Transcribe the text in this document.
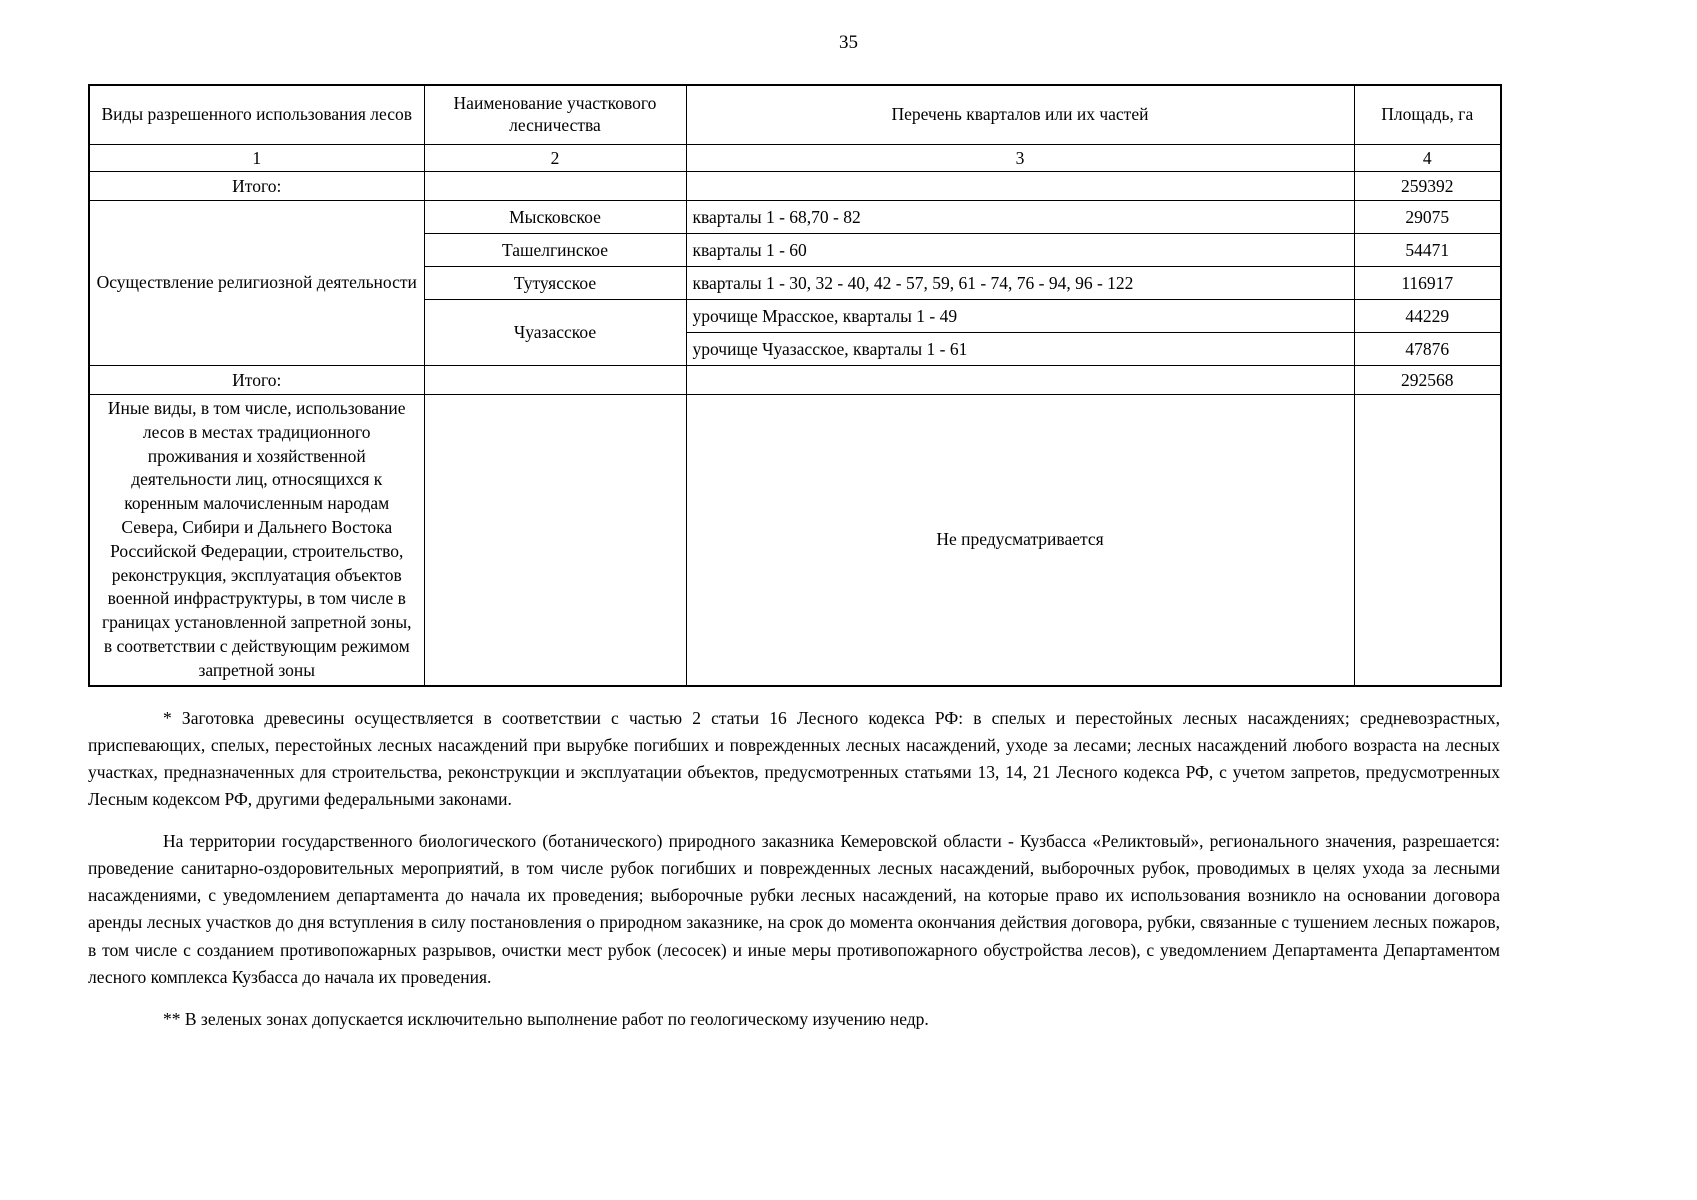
35
Виды разрешенного использования лесов	Наименование участкового лесничества	Перечень кварталов или их частей	Площадь, га
1	2	3	4
Итого:			259392
Осуществление религиозной деятельности	Мысковское	кварталы 1 - 68,70 - 82	29075
	Ташелгинское	кварталы 1 - 60	54471
	Тутуясское	кварталы 1 - 30, 32 - 40, 42 - 57, 59, 61 - 74, 76 - 94, 96 - 122	116917
	Чуазасское	урочище Мрасское, кварталы 1 - 49	44229
		урочище Чуазасское, кварталы 1 - 61	47876
Итого:			292568
Иные виды, в том числе, использование лесов в местах традиционного проживания и хозяйственной деятельности лиц, относящихся к коренным малочисленным народам Севера, Сибири и Дальнего Востока Российской Федерации, строительство, реконструкция, эксплуатация объектов военной инфраструктуры, в том числе в границах установленной запретной зоны, в соответствии с действующим режимом запретной зоны		Не предусматривается	

* Заготовка древесины осуществляется в соответствии с частью 2 статьи 16 Лесного кодекса РФ: в спелых и перестойных лесных насаждениях; средневозрастных, приспевающих, спелых, перестойных лесных насаждений при вырубке погибших и поврежденных лесных насаждений, уходе за лесами; лесных насаждений любого возраста на лесных участках, предназначенных для строительства, реконструкции и эксплуатации объектов, предусмотренных статьями 13, 14, 21 Лесного кодекса РФ, с учетом запретов, предусмотренных Лесным кодексом РФ, другими федеральными законами.

На территории государственного биологического (ботанического) природного заказника Кемеровской области - Кузбасса «Реликтовый», регионального значения, разрешается: проведение санитарно-оздоровительных мероприятий, в том числе рубок погибших и поврежденных лесных насаждений, выборочных рубок, проводимых в целях ухода за лесными насаждениями, с уведомлением департамента до начала их проведения; выборочные рубки лесных насаждений, на которые право их использования возникло на основании договора аренды лесных участков до дня вступления в силу постановления о природном заказнике, на срок до момента окончания действия договора, рубки, связанные с тушением лесных пожаров, в том числе с созданием противопожарных разрывов, очистки мест рубок (лесосек) и иные меры противопожарного обустройства лесов), с уведомлением Департамента Департаментом лесного комплекса Кузбасса до начала их проведения.

** В зеленых зонах допускается исключительно выполнение работ по геологическому изучению недр.
